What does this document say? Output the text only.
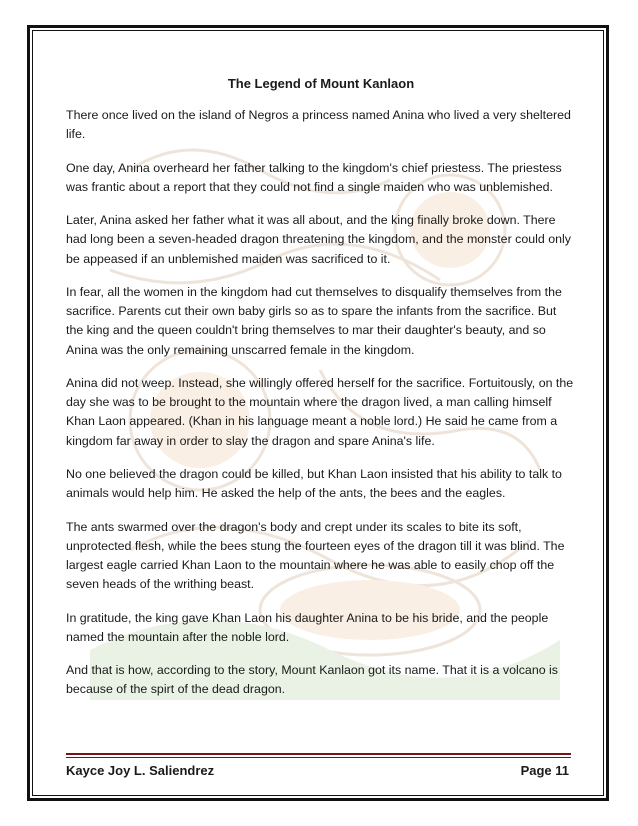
The Legend of Mount Kanlaon

There once lived on the island of Negros a princess named Anina who lived a very sheltered life.

One day, Anina overheard her father talking to the kingdom's chief priestess. The priestess was frantic about a report that they could not find a single maiden who was unblemished.

Later, Anina asked her father what it was all about, and the king finally broke down. There had long been a seven-headed dragon threatening the kingdom, and the monster could only be appeased if an unblemished maiden was sacrificed to it.

In fear, all the women in the kingdom had cut themselves to disqualify themselves from the sacrifice. Parents cut their own baby girls so as to spare the infants from the sacrifice. But the king and the queen couldn't bring themselves to mar their daughter's beauty, and so Anina was the only remaining unscarred female in the kingdom.

Anina did not weep. Instead, she willingly offered herself for the sacrifice. Fortuitously, on the day she was to be brought to the mountain where the dragon lived, a man calling himself Khan Laon appeared. (Khan in his language meant a noble lord.) He said he came from a kingdom far away in order to slay the dragon and spare Anina's life.

No one believed the dragon could be killed, but Khan Laon insisted that his ability to talk to animals would help him. He asked the help of the ants, the bees and the eagles.

The ants swarmed over the dragon's body and crept under its scales to bite its soft, unprotected flesh, while the bees stung the fourteen eyes of the dragon till it was blind. The largest eagle carried Khan Laon to the mountain where he was able to easily chop off the seven heads of the writhing beast.

In gratitude, the king gave Khan Laon his daughter Anina to be his bride, and the people named the mountain after the noble lord.

And that is how, according to the story, Mount Kanlaon got its name. That it is a volcano is because of the spirt of the dead dragon.

Kayce Joy L. Saliendrez	Page 11
